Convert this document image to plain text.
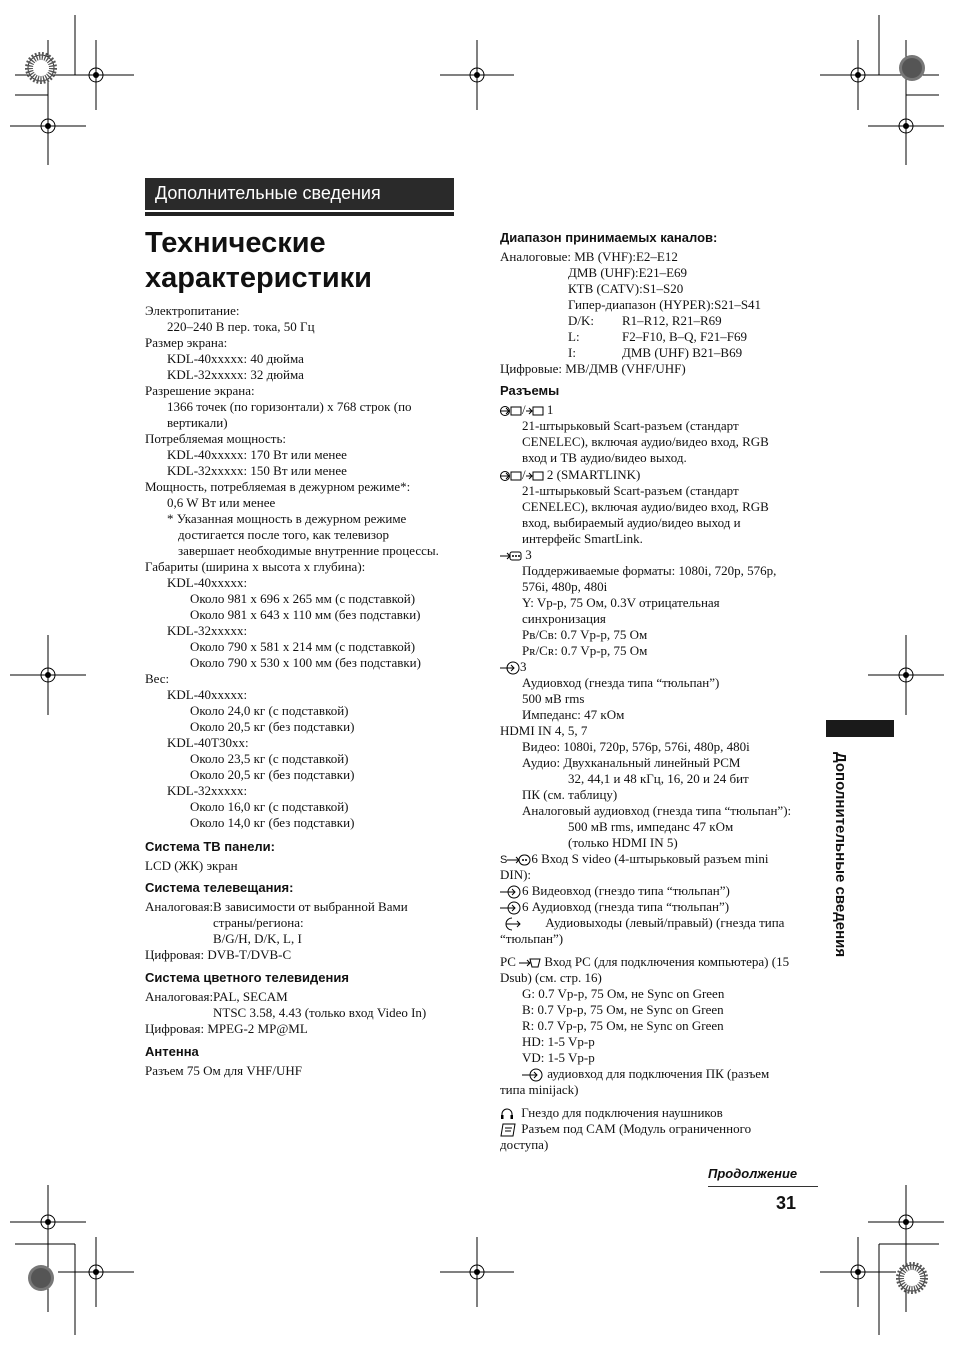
Дополнительные сведения
Технические
характеристики
Электропитание:
220–240 В пер. тока, 50 Гц
Размер экрана:
KDL-40xxxxx: 40 дюйма
KDL-32xxxxx: 32 дюйма
Разрешение экрана:
1366 точек (по горизонтали) x 768 строк (по
вертикали)
Потребляемая мощность:
KDL-40xxxxx: 170 Вт или менее
KDL-32xxxxx: 150 Вт или менее
Мощность, потребляемая в дежурном режиме*:
0,6 W Вт или менее
* Указанная мощность в дежурном режиме
достигается после того, как телевизор
завершает необходимые внутренние процессы.
Габариты (ширина x высота x глубина):
KDL-40xxxxx:
Около 981 x 696 x 265 мм (с подставкой)
Около 981 x 643 x 110 мм (без подставки)
KDL-32xxxxx:
Около 790 x 581 x 214 мм (с подставкой)
Около 790 x 530 x 100 мм (без подставки)
Вес:
KDL-40xxxxx:
Около 24,0 кг (с подставкой)
Около 20,5 кг (без подставки)
KDL-40T30xx:
Около 23,5 кг (с подставкой)
Около 20,5 кг (без подставки)
KDL-32xxxxx:
Около 16,0 кг (с подставкой)
Около 14,0 кг (без подставки)
Система ТВ панели:
LCD (ЖК) экран
Система телевещания:
Аналоговая:В зависимости от выбранной Вами
страны/региона:
B/G/H, D/K, L, I
Цифровая: DVB-T/DVB-C
Система цветного телевидения
Аналоговая:PAL, SECAM
NTSC 3.58, 4.43 (только вход Video In)
Цифровая: MPEG-2 MP@ML
Антенна
Разъем 75 Ом для VHF/UHF
Диапазон принимаемых каналов:
Аналоговые: МВ (VHF):E2–E12
ДМВ (UHF):E21–E69
КТВ (CATV):S1–S20
Гипер-диапазон (HYPER):S21–S41
D/K: R1–R12, R21–R69
L:	F2–F10, B–Q, F21–F69
I:	ДМВ (UHF) B21–B69
Цифровые: МВ/ДМВ (VHF/UHF)
Разъемы
/ 1
21-штырьковый Scart-разъем (стандарт
CENELEC), включая аудио/видео вход, RGB
вход и ТВ аудио/видео выход.
/ 2 (SMARTLINK)
21-штырьковый Scart-разъем (стандарт
CENELEC), включая аудио/видео вход, RGB
вход, выбираемый аудио/видео выход и
интерфейс SmartLink.
3
Поддерживаемые форматы: 1080i, 720p, 576p,
576i, 480p, 480i
Y: Vp-p, 75 Ом, 0.3V отрицательная
синхронизация
Pв/Cв: 0.7 Vp-p, 75 Ом
Pʀ/Cʀ: 0.7 Vp-p, 75 Ом
3
Аудиовход (гнезда типа “тюльпан”)
500 мВ rms
Импеданс: 47 кОм
HDMI IN 4, 5, 7
Видео: 1080i, 720p, 576p, 576i, 480p, 480i
Аудио: Двухканальный линейный PCM
32, 44,1 и 48 кГц, 16, 20 и 24 бит
ПК (см. таблицу)
Аналоговый аудиовход (гнезда типа “тюльпан”):
500 мВ rms, импеданс 47 кОм
(только HDMI IN 5)
S 6 Вход S video (4-штырьковый разъем mini
DIN):
6 Видеовход (гнездо типа “тюльпан”)
6 Аудиовход (гнезда типа “тюльпан”)
Аудиовыходы (левый/правый) (гнезда типа
“тюльпан”)
PC Вход PC (для подключения компьютера) (15
Dsub) (см. стр. 16)
G: 0.7 Vp-p, 75 Ом, не Sync on Green
B: 0.7 Vp-p, 75 Ом, не Sync on Green
R: 0.7 Vp-p, 75 Ом, не Sync on Green
HD: 1-5 Vp-p
VD: 1-5 Vp-p
аудиовход для подключения ПК (разъем
типа minijack)
Гнездо для подключения наушников
Разъем под CAM (Модуль ограниченного
доступа)
Дополнительные сведения
Продолжение
31
